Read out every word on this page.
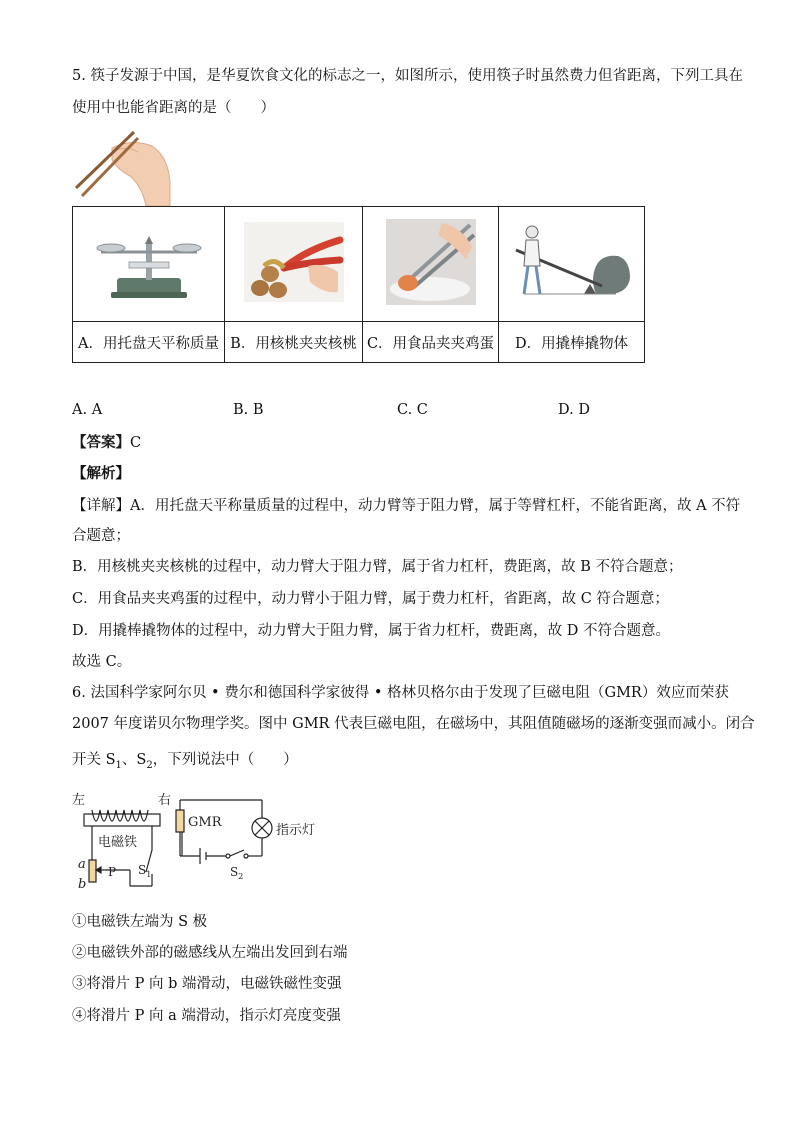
5. 筷子发源于中国，是华夏饮食文化的标志之一，如图所示，使用筷子时虽然费力但省距离，下列工具在
使用中也能省距离的是（　　）

A．用托盘天平称质量	B．用核桃夹夹核桃	C．用食品夹夹鸡蛋	D．用撬棒撬物体
A. A	B. B	C. C	D. D
【答案】C
【解析】
【详解】A．用托盘天平称量质量的过程中，动力臂等于阻力臂，属于等臂杠杆，不能省距离，故 A 不符
合题意；
B．用核桃夹夹核桃的过程中，动力臂大于阻力臂，属于省力杠杆，费距离，故 B 不符合题意；
C．用食品夹夹鸡蛋的过程中，动力臂小于阻力臂，属于费力杠杆，省距离，故 C 符合题意；
D．用撬棒撬物体的过程中，动力臂大于阻力臂，属于省力杠杆，费距离，故 D 不符合题意。
故选 C。
6. 法国科学家阿尔贝 • 费尔和德国科学家彼得 • 格林贝格尔由于发现了巨磁电阻（GMR）效应而荣获
2007 年度诺贝尔物理学奖。图中 GMR 代表巨磁电阻，在磁场中，其阻值随磁场的逐渐变强而减小。闭合
开关 $S_1$、$S_2$，下列说法中（　　）
左	右
电磁铁
GMR
指示灯
a
b
P $S_1$	$S_2$
①电磁铁左端为 S 极
②电磁铁外部的磁感线从左端出发回到右端
③将滑片 P 向 b 端滑动，电磁铁磁性变强
④将滑片 P 向 a 端滑动，指示灯亮度变强
